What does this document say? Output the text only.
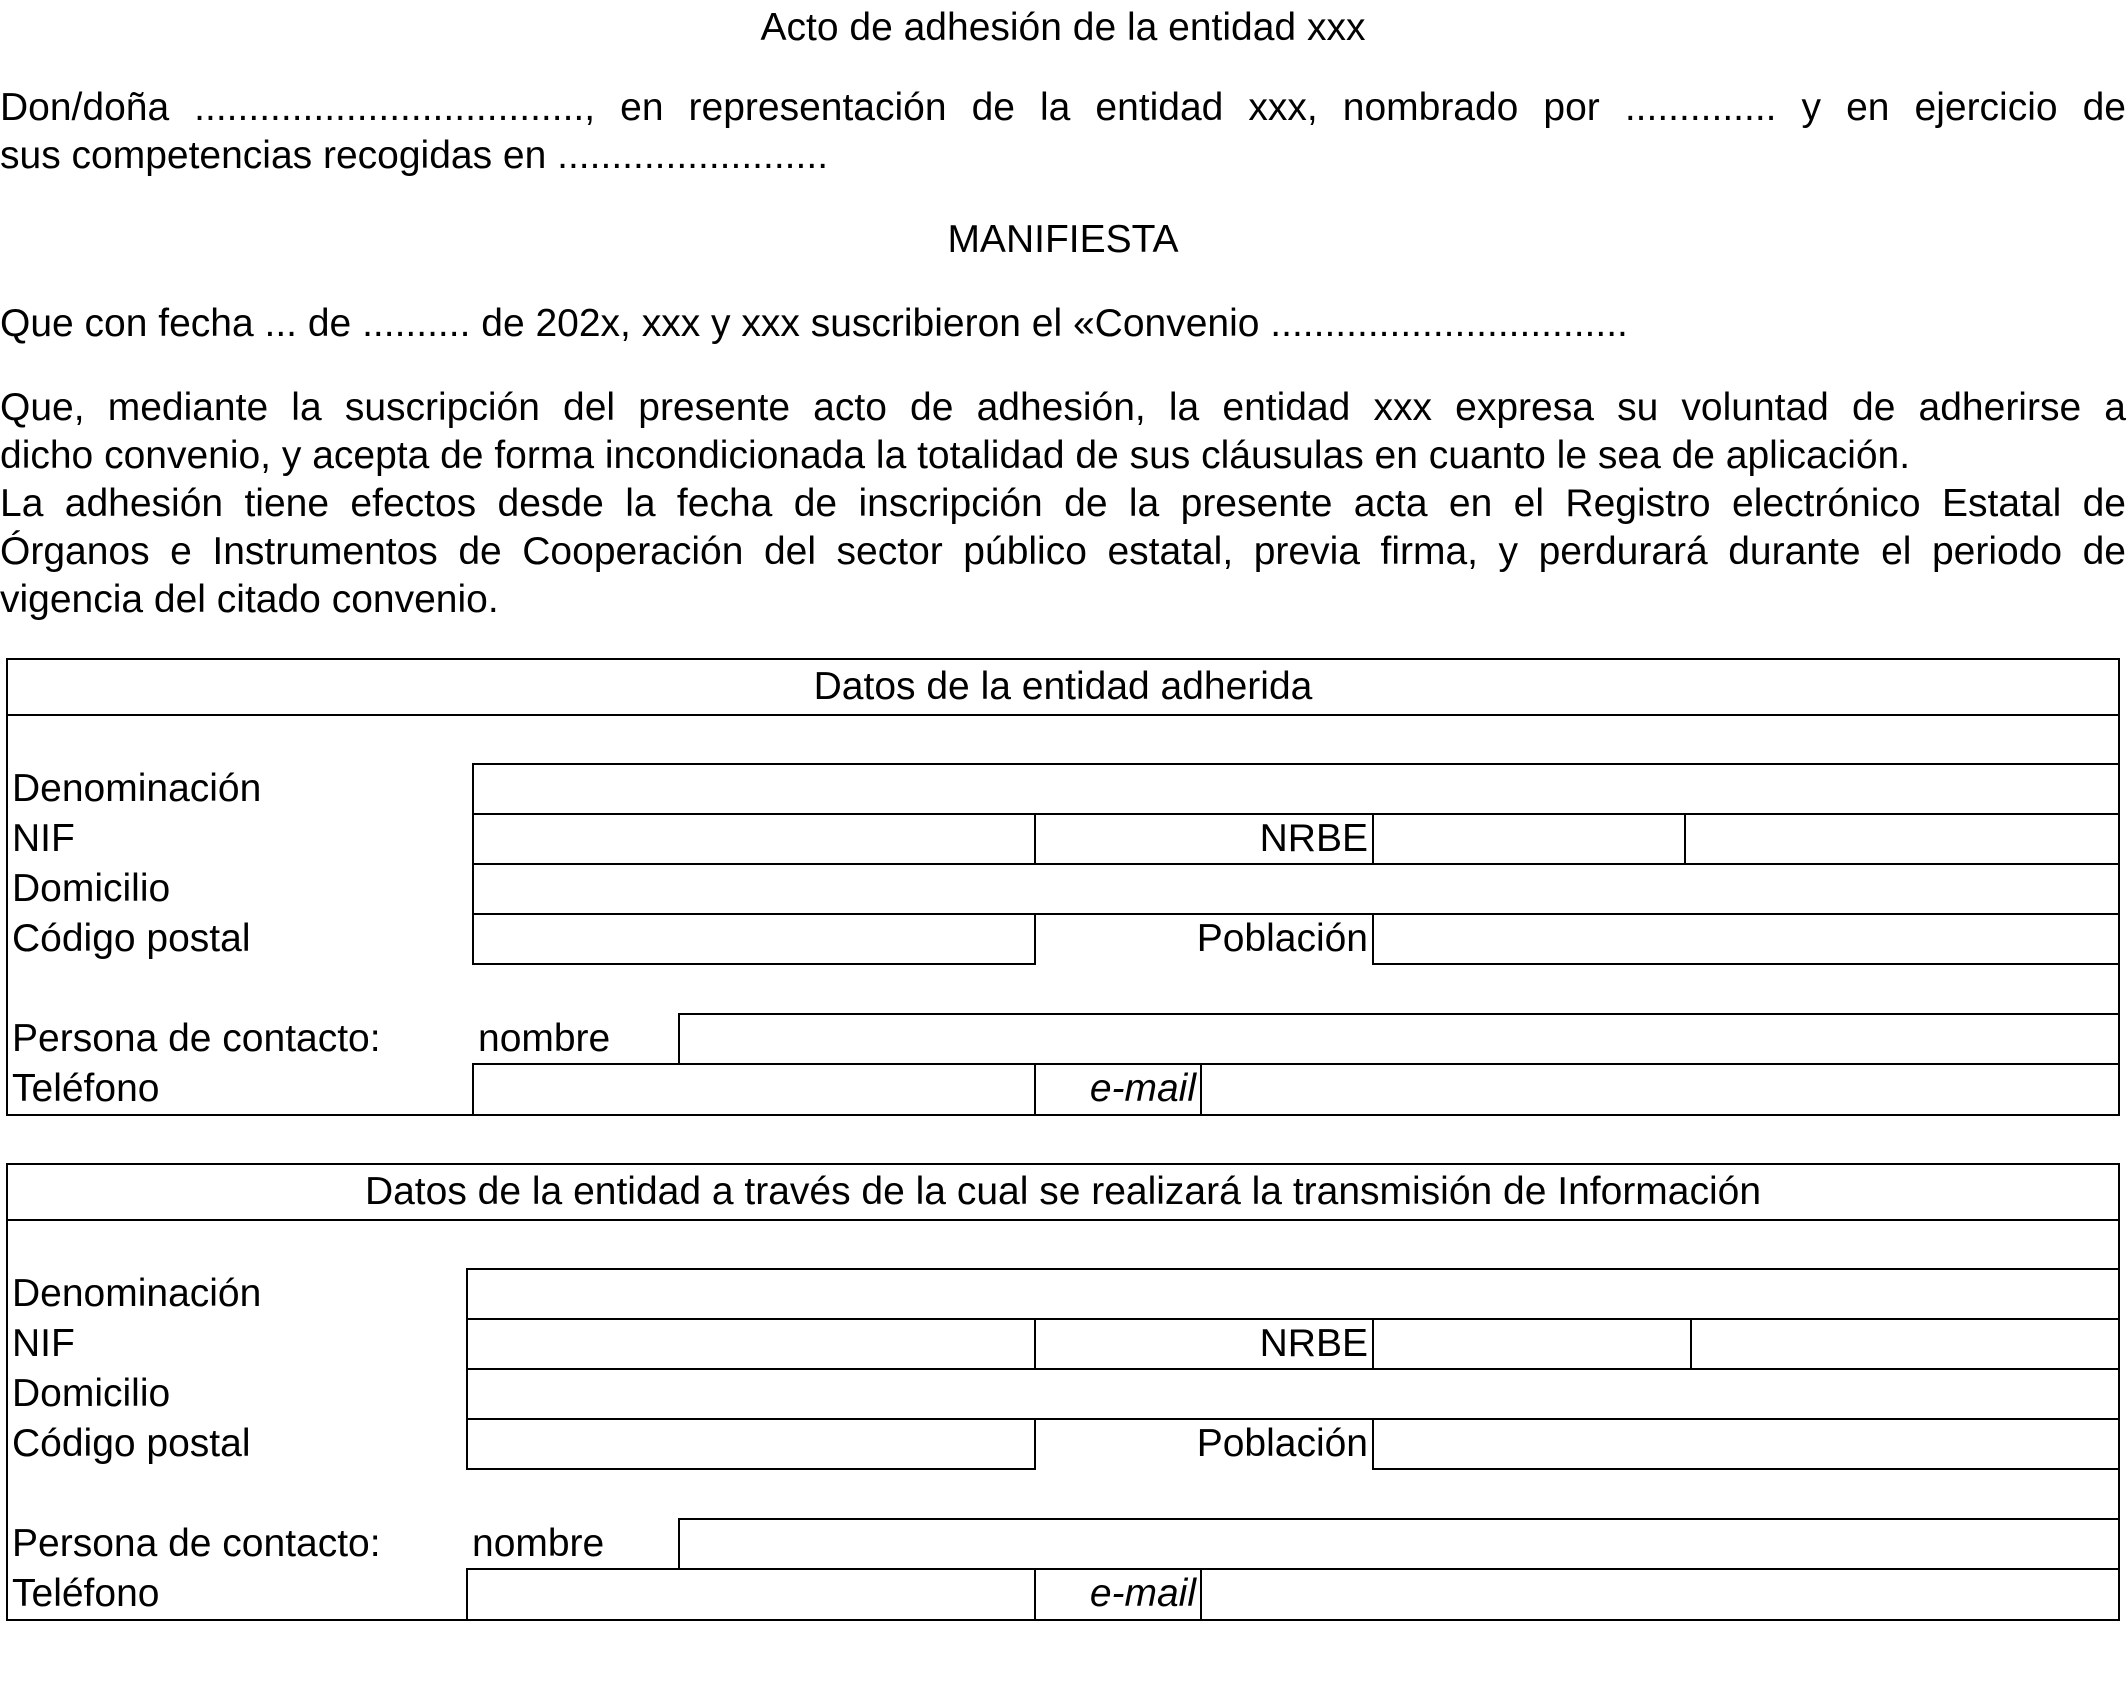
Acto de adhesión de la entidad xxx
Don/doña ...................................., en representación de la entidad xxx, nombrado por .............. y en ejercicio de
sus competencias recogidas en .........................
MANIFIESTA
Que con fecha ... de .......... de 202x, xxx y xxx suscribieron el «Convenio .................................
Que, mediante la suscripción del presente acto de adhesión, la entidad xxx expresa su voluntad de adherirse a
dicho convenio, y acepta de forma incondicionada la totalidad de sus cláusulas en cuanto le sea de aplicación.
La adhesión tiene efectos desde la fecha de inscripción de la presente acta en el Registro electrónico Estatal de
Órganos e Instrumentos de Cooperación del sector público estatal, previa firma, y perdurará durante el periodo de
vigencia del citado convenio.
Datos de la entidad adherida
Denominación
NIF	NRBE
Domicilio
Código postal	Población
Persona de contacto: nombre
Teléfono	e-mail
Datos de la entidad a través de la cual se realizará la transmisión de Información
Denominación
NIF	NRBE
Domicilio
Código postal	Población
Persona de contacto: nombre
Teléfono	e-mail
